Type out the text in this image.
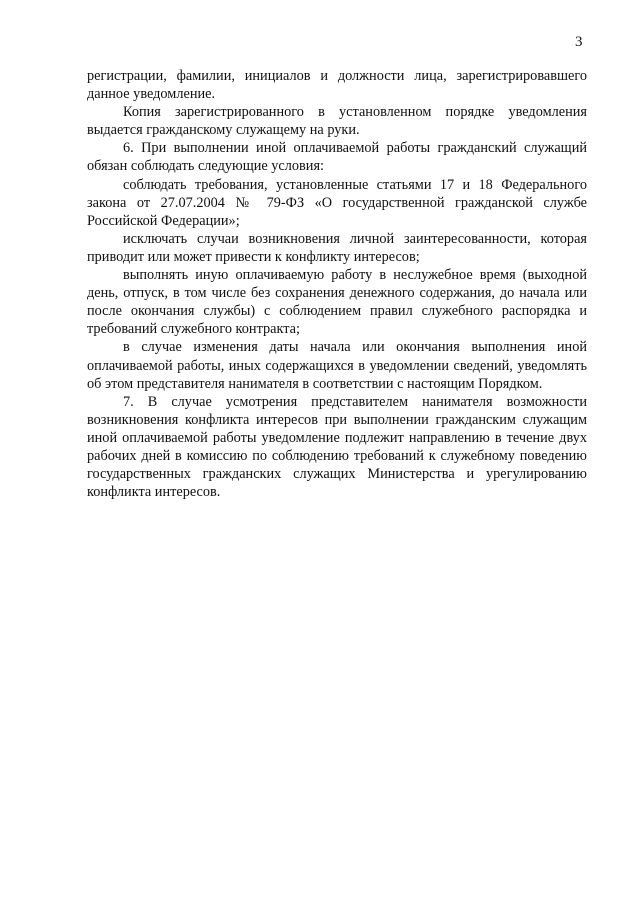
3

регистрации, фамилии, инициалов и должности лица, зарегистрировавшего данное уведомление.

Копия зарегистрированного в установленном порядке уведомления выдается гражданскому служащему на руки.

6. При выполнении иной оплачиваемой работы гражданский служащий обязан соблюдать следующие условия:

соблюдать требования, установленные статьями 17 и 18 Федерального закона от 27.07.2004 № 79-ФЗ «О государственной гражданской службе Российской Федерации»;

исключать случаи возникновения личной заинтересованности, которая приводит или может привести к конфликту интересов;

выполнять иную оплачиваемую работу в неслужебное время (выходной день, отпуск, в том числе без сохранения денежного содержания, до начала или после окончания службы) с соблюдением правил служебного распорядка и требований служебного контракта;

в случае изменения даты начала или окончания выполнения иной оплачиваемой работы, иных содержащихся в уведомлении сведений, уведомлять об этом представителя нанимателя в соответствии с настоящим Порядком.

7. В случае усмотрения представителем нанимателя возможности возникновения конфликта интересов при выполнении гражданским служащим иной оплачиваемой работы уведомление подлежит направлению в течение двух рабочих дней в комиссию по соблюдению требований к служебному поведению государственных гражданских служащих Министерства и урегулированию конфликта интересов.
